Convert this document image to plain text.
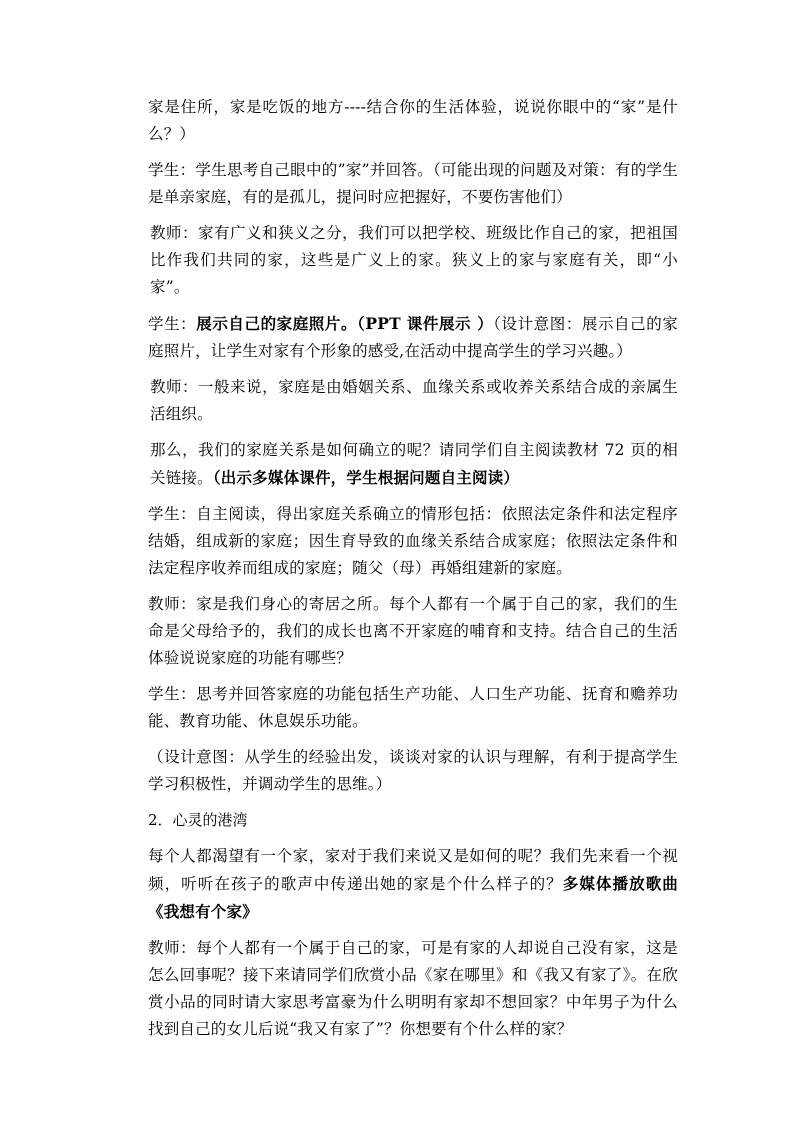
家是住所，家是吃饭的地方----结合你的生活体验，说说你眼中的“家”是什么？）

学生：学生思考自己眼中的”家”并回答。（可能出现的问题及对策：有的学生是单亲家庭，有的是孤儿，提问时应把握好，不要伤害他们）

教师：家有广义和狭义之分，我们可以把学校、班级比作自己的家，把祖国比作我们共同的家，这些是广义上的家。狭义上的家与家庭有关，即“小家”。

学生：展示自己的家庭照片。（PPT 课件展示 ）（设计意图：展示自己的家庭照片，让学生对家有个形象的感受,在活动中提高学生的学习兴趣。）

教师：一般来说，家庭是由婚姻关系、血缘关系或收养关系结合成的亲属生活组织。

那么，我们的家庭关系是如何确立的呢？请同学们自主阅读教材 72 页的相关链接。（出示多媒体课件，学生根据问题自主阅读）

学生：自主阅读，得出家庭关系确立的情形包括：依照法定条件和法定程序结婚，组成新的家庭；因生育导致的血缘关系结合成家庭；依照法定条件和法定程序收养而组成的家庭；随父（母）再婚组建新的家庭。

教师：家是我们身心的寄居之所。每个人都有一个属于自己的家，我们的生命是父母给予的，我们的成长也离不开家庭的哺育和支持。结合自己的生活体验说说家庭的功能有哪些？

学生：思考并回答家庭的功能包括生产功能、人口生产功能、抚育和赡养功能、教育功能、休息娱乐功能。

（设计意图：从学生的经验出发，谈谈对家的认识与理解，有利于提高学生学习积极性，并调动学生的思维。）

2．心灵的港湾

每个人都渴望有一个家，家对于我们来说又是如何的呢？我们先来看一个视频，听听在孩子的歌声中传递出她的家是个什么样子的？多媒体播放歌曲《我想有个家》

教师：每个人都有一个属于自己的家，可是有家的人却说自己没有家，这是怎么回事呢？接下来请同学们欣赏小品《家在哪里》和《我又有家了》。在欣赏小品的同时请大家思考富豪为什么明明有家却不想回家？中年男子为什么找到自己的女儿后说“我又有家了”？你想要有个什么样的家？
